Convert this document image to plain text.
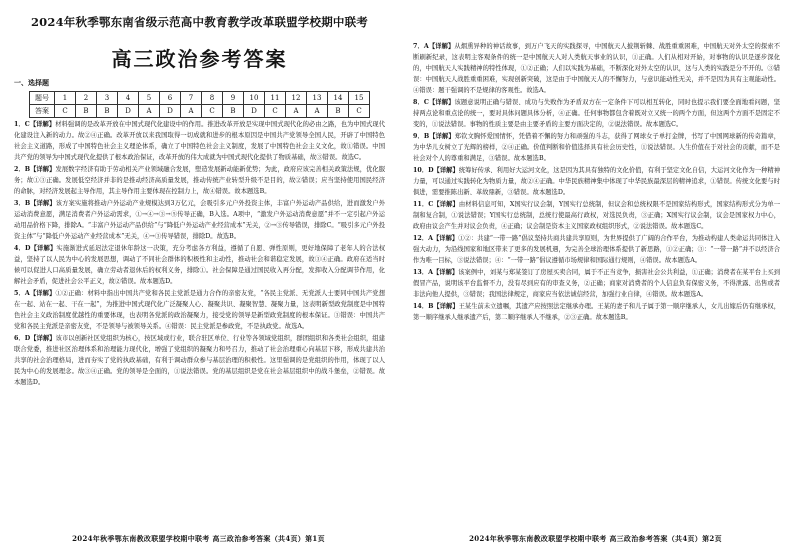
2024年秋季鄂东南省级示范高中教育教学改革联盟学校期中联考
高三政治参考答案
一、选择题
题号	1	2	3	4	5	6	7	8	9	10	11	12	13	14	15
答案	C	B	B	D	A	D	A	C	B	D	C	A	A	B	C
1．C【详解】材料强调的是改革开放在中国式现代化建设中的作用。推进改革开放是实现中国式现代化的必由之路，也为中国式现代化建设注入新的动力。故②④正确。改革开放以来我国取得一切成就和进步的根本原因是中国共产党领导全国人民，开辟了中国特色社会主义道路，形成了中国特色社会主义理论体系，确立了中国特色社会主义制度，发展了中国特色社会主义文化，故①错误。中国共产党的领导为中国式现代化提供了根本政治保证，改革开放的伟大成就为中国式现代化提供了物质基础，故③错误。故选C。
2．B【详解】发展数字经济有助于劳动相关产业领域融合发展，塑造发展新动能新优势；为此，政府应该完善相关政策法规，优化服务；故①③正确。发展低空经济并非的是推动经济高质量发展，推动传统产业转型升级不是目的，故②错误；应当坚持使用国民经济的命脉，对经济发展起主导作用，其主导作用主要体现在控制力上，故④错误。故本题选B。
3．B【详解】该方案实施将推动户外运动产业规模达到3万亿元，会吸引多元户外投资主体，丰富户外运动产品供给，进而激发户外运动消费意愿，满足消费者户外运动需求，①→④→③→⑤传导正确，B入选。A项中，“激发户外运动消费意愿”并不一定引起户外运动用品价格下降，排除A。“丰富户外运动产品供给”与“降低户外运动产业经营成本”无关，②→③传导错误，排除C。“吸引多元户外投资主体”与“降低户外运动产业经营成本”无关，④→③传导错误，排除D。故选B。
4．D【详解】实施渐进式延迟法定退休年龄这一决策，充分考虑各方利益，遵循了自愿、弹性原则，更好地保障了老年人的合法权益，坚持了以人民为中心的发展思想，调动了不同社会群体的积极性和主动性，推动社会和谐稳定发展，故③④正确。政府在适当时候可以促进人口高质量发展，确立劳动者退休后的权利义务，排除①。社会保障是通过国民收入再分配，发挥收入分配调节作用，化解社会矛盾，促进社会公平正义，故②错误。故本题选D。
5．A【详解】①②正确：材料中指出中国共产党和各民主党派是通力合作的亲密友党，“各民主党派、无党派人士要同中国共产党想在一起、站在一起、干在一起”，为推进中国式现代化广泛凝聚人心、凝聚共识、凝聚智慧、凝聚力量，这表明新型政党制度是中国特色社会主义政治制度优越性的重要体现，也表明各党派的政治凝聚力，接受党的领导是新型政党制度的根本保证。③错误：中国共产党和各民主党派是亲密友党，不是领导与被领导关系。④错误：民主党派是参政党，不是执政党。故选A。
6．D【详解】该市以创新社区党组织为核心，按区域或行业，联合驻区单位、行业等各领域党组织，群团组织和各类社会组织，组建联合党委，推进社区治理体系和治理能力现代化，增强了党组织的凝聚力和号召力，推动了社会治理重心向基层下移，形成共建共治共享的社会治理格局，进而夯实了党的执政基础，有利于调动群众参与基层治理的积极性。这里强调的是党组织的作用，体现了以人民为中心的发展理念。故③④正确。党的领导是全面的，①说法错误。党的基层组织是党在社会基层组织中的战斗堡垒，②错误。故本题选D。
2024年秋季鄂东南教改联盟学校期中联考 高三政治参考答案（共4页）第1页
7．A【详解】从烟熏异种的神话故事，到万户飞天的实践探寻，中国航天人披荆斩棘、战胜重重困难，中国航天对外太空的探索不断刷新纪录，这表明主客观条件的统一是中国航天人对人类航天事业的认识，①正确。人们从相对开始，对事物的认识是逐步深化的，中国航天人实践精神的特性体现，①②正确；人们以实践为基础，不断深化对外太空的认识，这与人类的实践是分不开的。③错误：中国航天人战胜重重困难，实现创新突破，这是由于中国航天人的不懈努力，与意识能动性无关，并不是因为具有主观能动性。④错误：题干强调的不是规律的客观性。故选A。
8．C【详解】该题意说明正确与错误、成功与失败作为矛盾双方在一定条件下可以相互转化，同时也提示我们要全面地看问题，坚持两点论和重点论的统一，要对具体问题具体分析，④正确。任何事物都包含着既对立又统一的两个方面，但这两个方面不是固定不变的，①说法错误。事物的性质主要是由主要矛盾的主要方面决定的，②说法错误。故本题选C。
9．B【详解】郑钦文胸怀爱国情怀，凭借着不懈的努力和顽强的斗志，获得了网球女子单打金牌，书写了中国网球新的传奇篇章，为中华儿女树立了光辉的榜样，②④正确。价值判断和价值选择具有社会历史性，①说法错误。人生价值在于对社会的贡献，而不是社会对个人的尊重和满足，③错误。故本题选B。
10．D【详解】统筹好传承、利用好大运河文化，这是因为其具有独特的文化价值，有利于坚定文化自信，大运河文化作为一种精神力量，可以通过实践转化为物质力量，故②④正确。中华民族精神集中体现了中华民族最深层的精神追求，①错误。传统文化要与时俱进，需要推陈出新、革故鼎新，③错误。故本题选D。
11．C【详解】由材料信息可知，X国实行议会制，Y国实行总统制，但议会和总统权限不是国家结构形式，国家结构形式分为单一制和复合制，①说法错误；Y国实行总统制，总统行使最高行政权，对选民负责，③正确；X国实行议会制，议会是国家权力中心，政府由议会产生并对议会负责，④正确；议会制是资本主义国家政权组织形式，②说法错误。故本题选C。
12．A【详解】①②：共建“一带一路”倡议坚持共商共建共享原则，为世界提供了广阔的合作平台，为推动构建人类命运共同体注入强大动力，为沿线国家和地区带来了更多的发展机遇，为完善全球治理体系提供了新思路，①②正确；③：“一带一路”并不以经济合作为唯一目标，③说法错误；④：“一带一路”倡议遵循市场规律和国际通行规则，④错误。故本题选A。
13．A【详解】该案例中，刘某与郑某签订了房屋买卖合同，属于不正当竞争，损害社会公共利益，①正确；消费者在某平台上买到假冒产品，说明该平台监督不力，没有尽到应有的审查义务，②正确；商家对消费者的个人信息负有保密义务，不得泄露、出售或者非法向他人提供，③错误；我国法律规定，商家应当依法诚信经营，加强行业自律，④错误。故本题选A。
14．B【详解】王某生前未立遗嘱，其遗产应按照法定继承办理。王某的妻子和儿子属于第一顺序继承人，女儿出嫁后仍有继承权，第一顺序继承人继承遗产后，第二顺序继承人不继承，②③正确。故本题选B。
2024年秋季鄂东南教改联盟学校期中联考 高三政治参考答案（共4页）第2页
